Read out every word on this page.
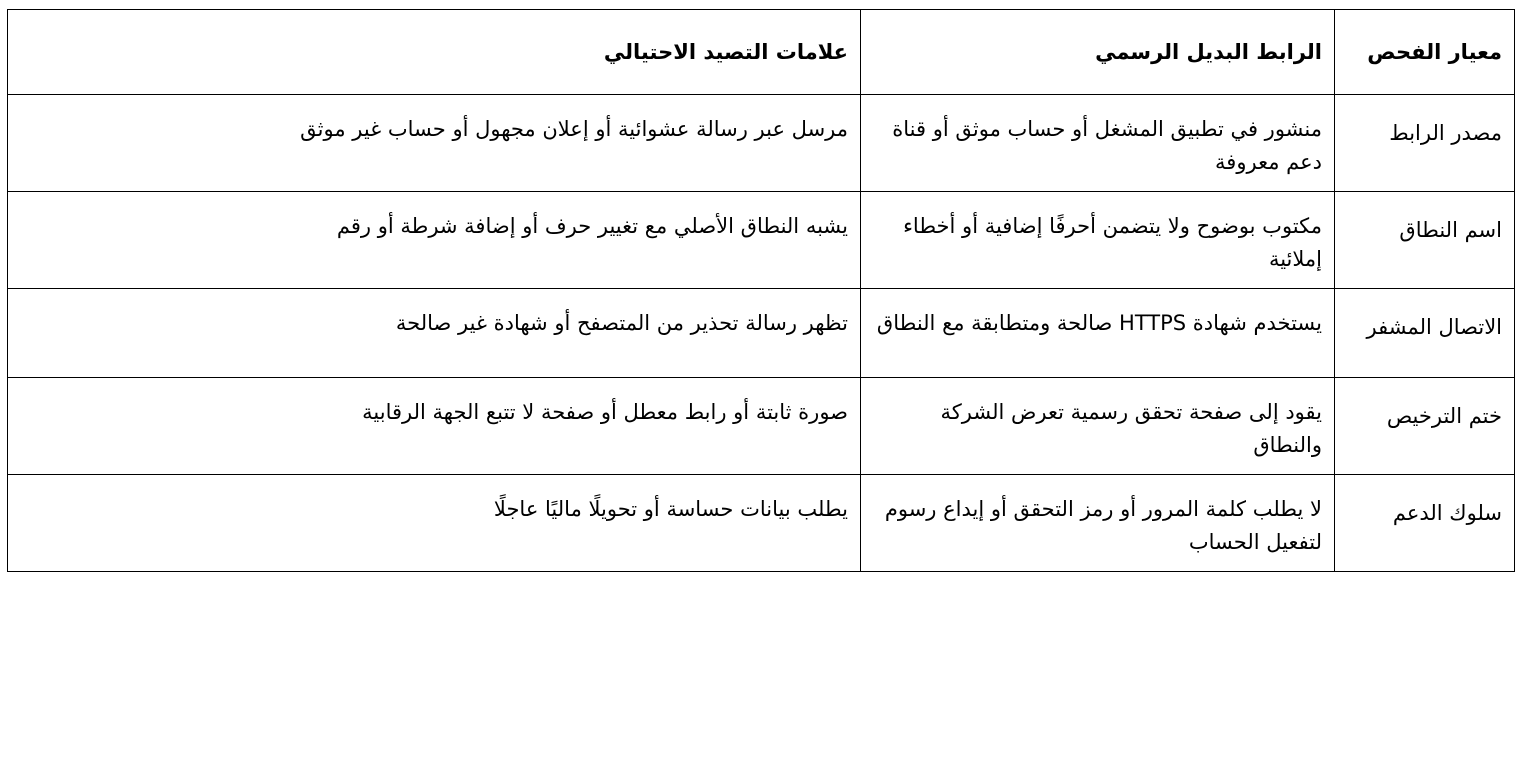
معيار الفحص	الرابط البديل الرسمي	علامات التصيد الاحتيالي
مصدر الرابط	منشور في تطبيق المشغل أو حساب موثق أو قناة دعم معروفة	مرسل عبر رسالة عشوائية أو إعلان مجهول أو حساب غير موثق
اسم النطاق	مكتوب بوضوح ولا يتضمن أحرفًا إضافية أو أخطاء إملائية	يشبه النطاق الأصلي مع تغيير حرف أو إضافة شرطة أو رقم
الاتصال المشفر	يستخدم شهادة HTTPS صالحة ومتطابقة مع النطاق	تظهر رسالة تحذير من المتصفح أو شهادة غير صالحة
ختم الترخيص	يقود إلى صفحة تحقق رسمية تعرض الشركة والنطاق	صورة ثابتة أو رابط معطل أو صفحة لا تتبع الجهة الرقابية
سلوك الدعم	لا يطلب كلمة المرور أو رمز التحقق أو إيداع رسوم لتفعيل الحساب	يطلب بيانات حساسة أو تحويلًا ماليًا عاجلًا
